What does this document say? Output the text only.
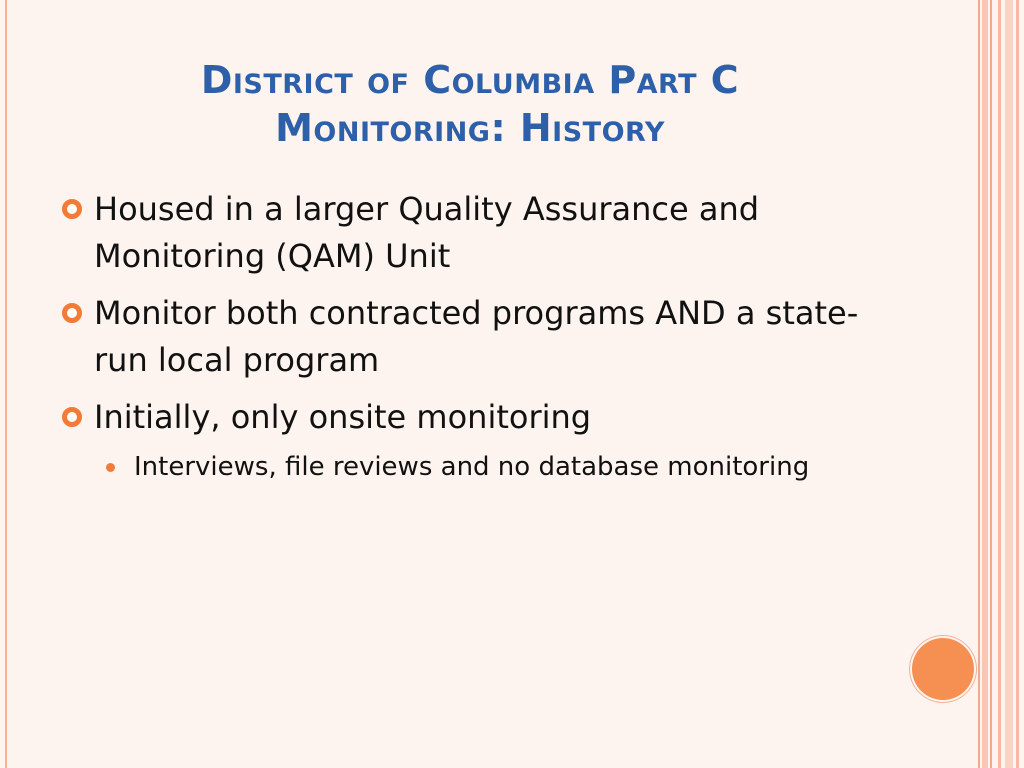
District of Columbia Part C
Monitoring: History
Housed in a larger Quality Assurance and Monitoring (QAM) Unit
Monitor both contracted programs AND a state-run local program
Initially, only onsite monitoring
Interviews, file reviews and no database monitoring
